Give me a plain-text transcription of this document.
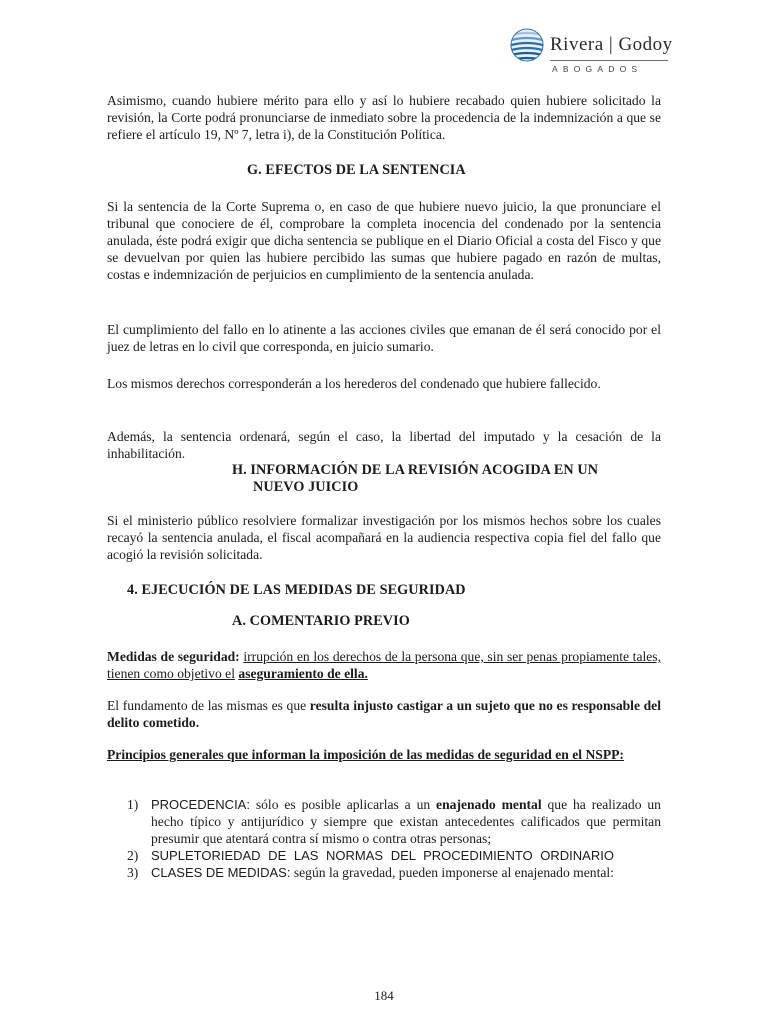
Rivera | Godoy
ABOGADOS

Asimismo, cuando hubiere mérito para ello y así lo hubiere recabado quien hubiere solicitado la revisión, la Corte podrá pronunciarse de inmediato sobre la procedencia de la indemnización a que se refiere el artículo 19, Nº 7, letra i), de la Constitución Política.

G. EFECTOS DE LA SENTENCIA

Si la sentencia de la Corte Suprema o, en caso de que hubiere nuevo juicio, la que pronunciare el tribunal que conociere de él, comprobare la completa inocencia del condenado por la sentencia anulada, éste podrá exigir que dicha sentencia se publique en el Diario Oficial a costa del Fisco y que se devuelvan por quien las hubiere percibido las sumas que hubiere pagado en razón de multas, costas e indemnización de perjuicios en cumplimiento de la sentencia anulada.

El cumplimiento del fallo en lo atinente a las acciones civiles que emanan de él será conocido por el juez de letras en lo civil que corresponda, en juicio sumario.

Los mismos derechos corresponderán a los herederos del condenado que hubiere fallecido.

Además, la sentencia ordenará, según el caso, la libertad del imputado y la cesación de la inhabilitación.

H. INFORMACIÓN DE LA REVISIÓN ACOGIDA EN UN
NUEVO JUICIO

Si el ministerio público resolviere formalizar investigación por los mismos hechos sobre los cuales recayó la sentencia anulada, el fiscal acompañará en la audiencia respectiva copia fiel del fallo que acogió la revisión solicitada.

4. EJECUCIÓN DE LAS MEDIDAS DE SEGURIDAD
A. COMENTARIO PREVIO

Medidas de seguridad: irrupción en los derechos de la persona que, sin ser penas propiamente tales, tienen como objetivo el aseguramiento de ella.

El fundamento de las mismas es que resulta injusto castigar a un sujeto que no es responsable del delito cometido.

Principios generales que informan la imposición de las medidas de seguridad en el NSPP:

1) PROCEDENCIA: sólo es posible aplicarlas a un enajenado mental que ha realizado un hecho típico y antijurídico y siempre que existan antecedentes calificados que permitan presumir que atentará contra sí mismo o contra otras personas;
2) SUPLETORIEDAD DE LAS NORMAS DEL PROCEDIMIENTO ORDINARIO
3) CLASES DE MEDIDAS: según la gravedad, pueden imponerse al enajenado mental:
184
